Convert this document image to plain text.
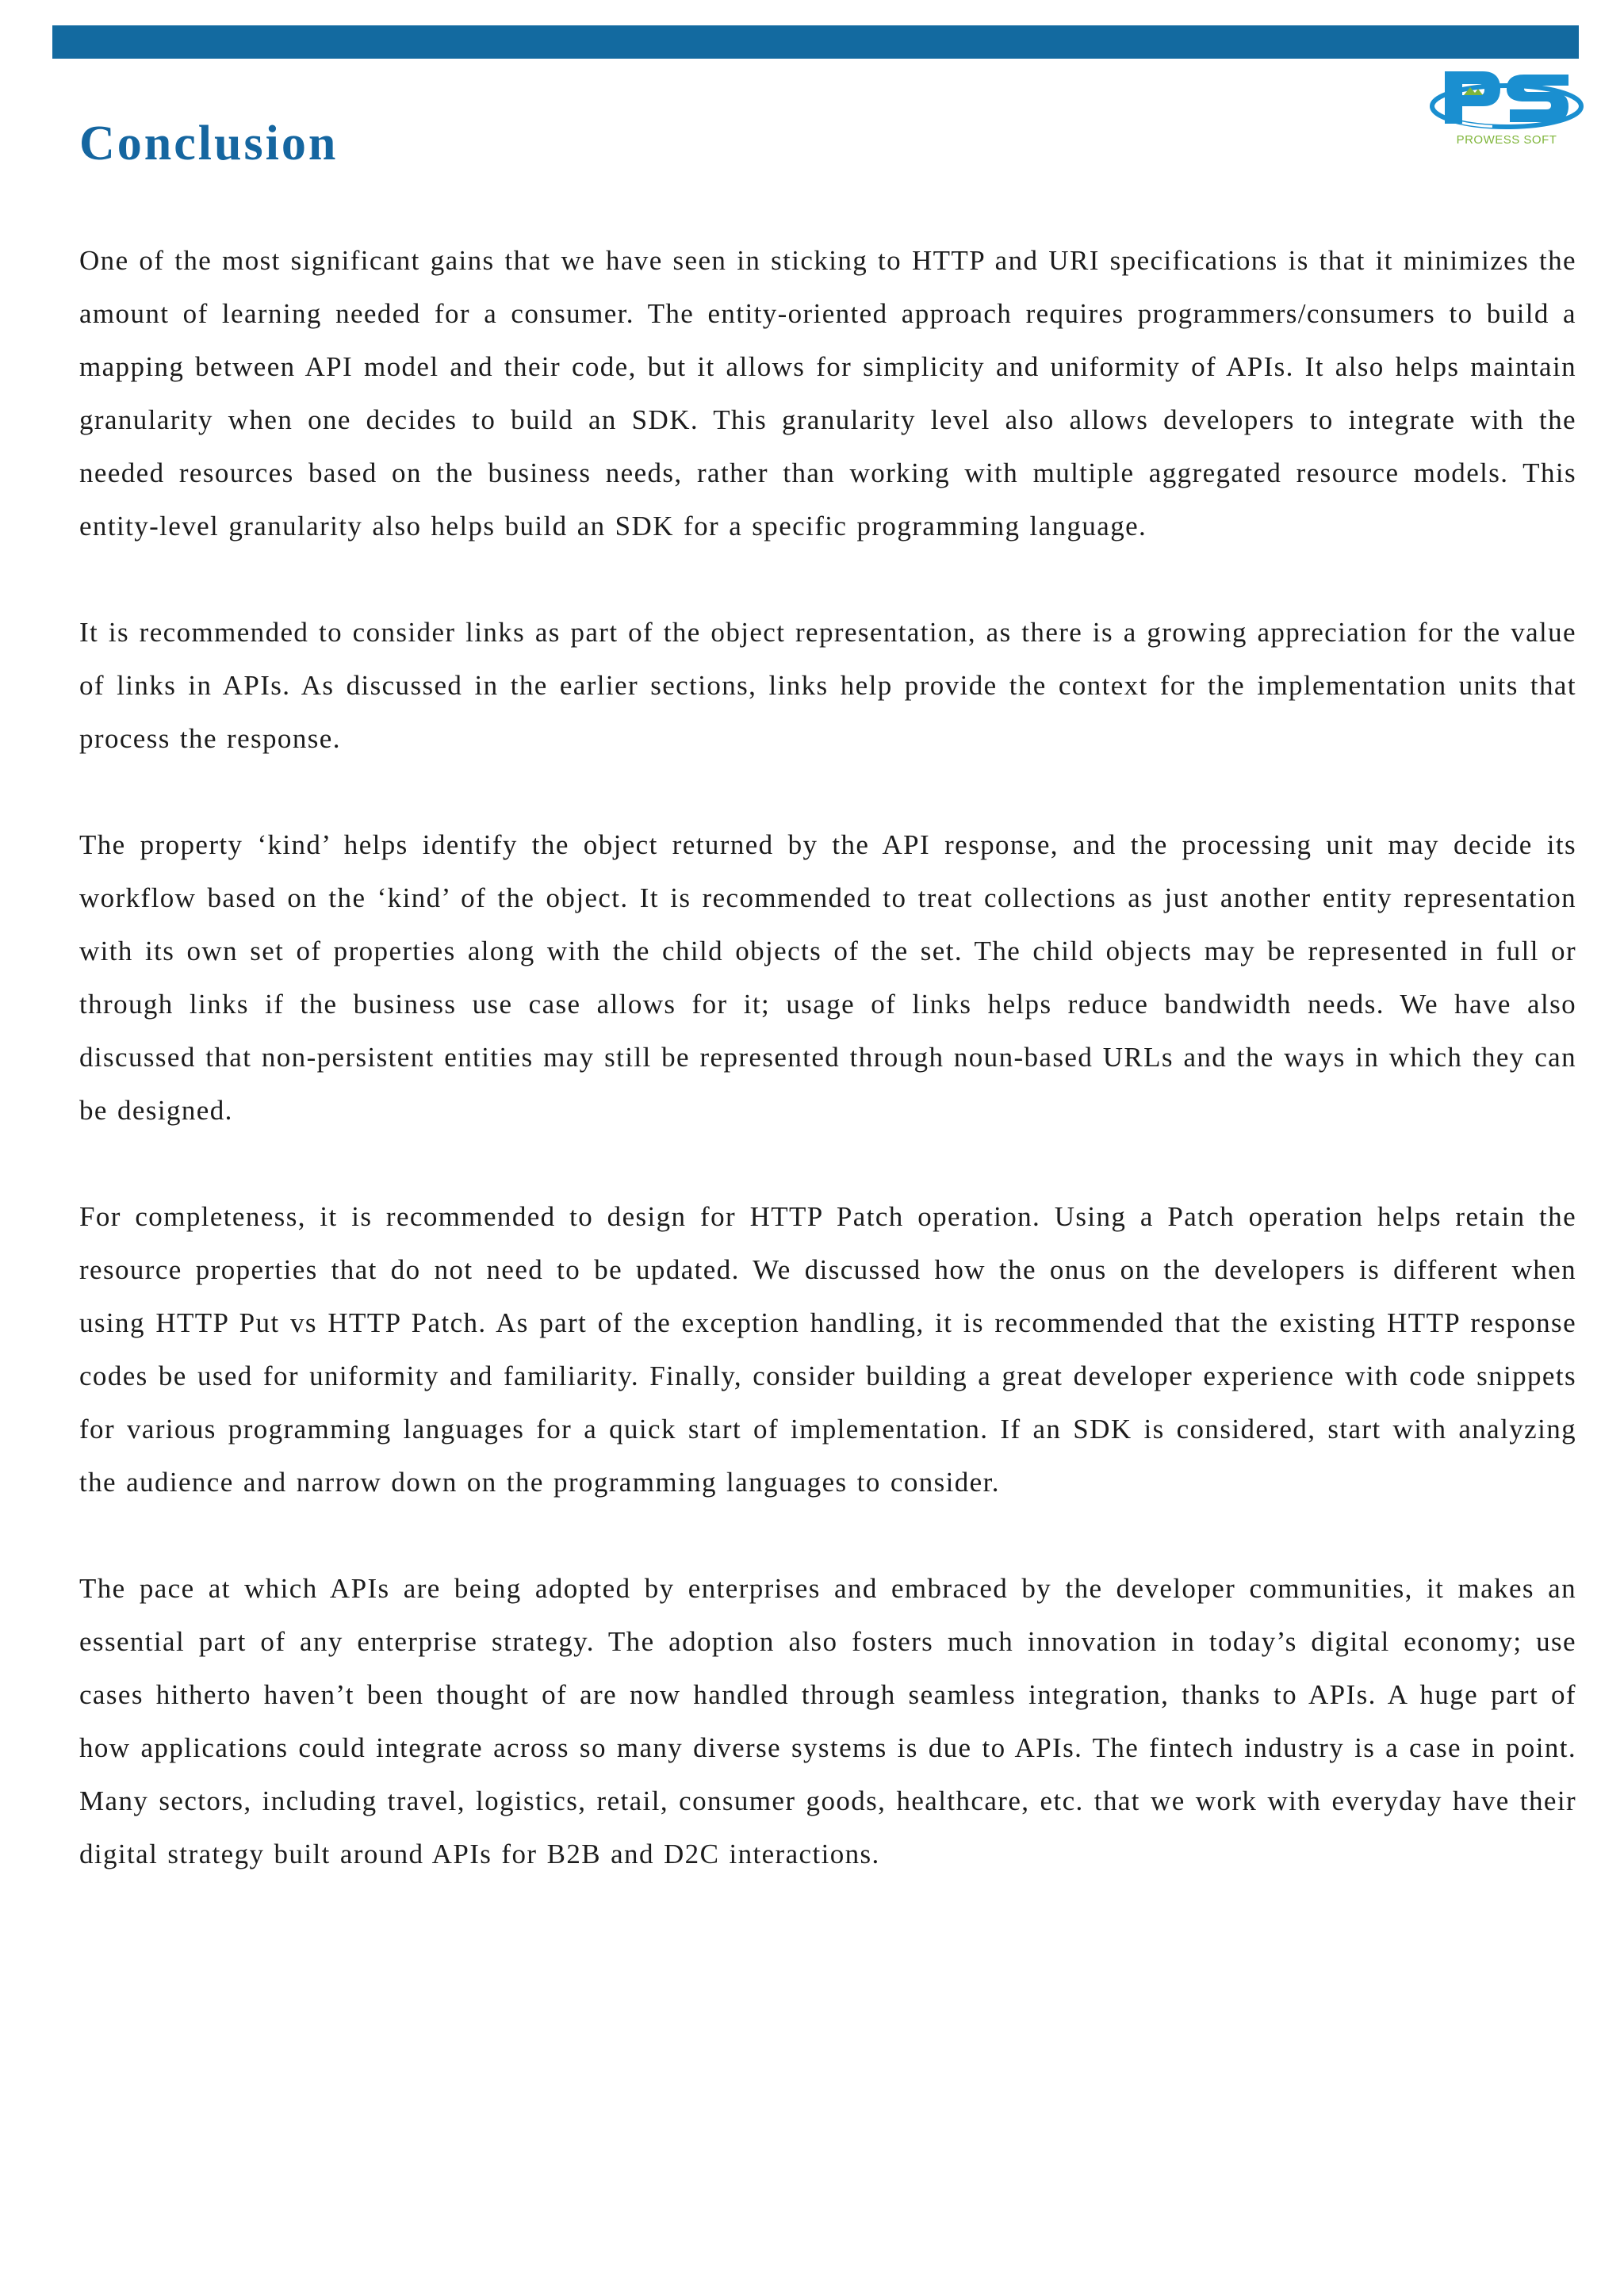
PROWESS SOFT
Conclusion

One of the most significant gains that we have seen in sticking to HTTP and URI specifications is that it minimizes the amount of learning needed for a consumer. The entity-oriented approach requires programmers/consumers to build a mapping between API model and their code, but it allows for simplicity and uniformity of APIs. It also helps maintain granularity when one decides to build an SDK. This granularity level also allows developers to integrate with the needed resources based on the business needs, rather than working with multiple aggregated resource models. This entity-level granularity also helps build an SDK for a specific programming language.

It is recommended to consider links as part of the object representation, as there is a growing appreciation for the value of links in APIs. As discussed in the earlier sections, links help provide the context for the implementation units that process the response.

The property ‘kind’ helps identify the object returned by the API response, and the processing unit may decide its workflow based on the ‘kind’ of the object. It is recommended to treat collections as just another entity representation with its own set of properties along with the child objects of the set. The child objects may be represented in full or through links if the business use case allows for it; usage of links helps reduce bandwidth needs. We have also discussed that non-persistent entities may still be represented through noun-based URLs and the ways in which they can be designed.

For completeness, it is recommended to design for HTTP Patch operation. Using a Patch operation helps retain the resource properties that do not need to be updated. We discussed how the onus on the developers is different when using HTTP Put vs HTTP Patch. As part of the exception handling, it is recommended that the existing HTTP response codes be used for uniformity and familiarity. Finally, consider building a great developer experience with code snippets for various programming languages for a quick start of implementation. If an SDK is considered, start with analyzing the audience and narrow down on the programming languages to consider.

The pace at which APIs are being adopted by enterprises and embraced by the developer communities, it makes an essential part of any enterprise strategy. The adoption also fosters much innovation in today’s digital economy; use cases hitherto haven’t been thought of are now handled through seamless integration, thanks to APIs. A huge part of how applications could integrate across so many diverse systems is due to APIs. The fintech industry is a case in point. Many sectors, including travel, logistics, retail, consumer goods, healthcare, etc. that we work with everyday have their digital strategy built around APIs for B2B and D2C interactions.
